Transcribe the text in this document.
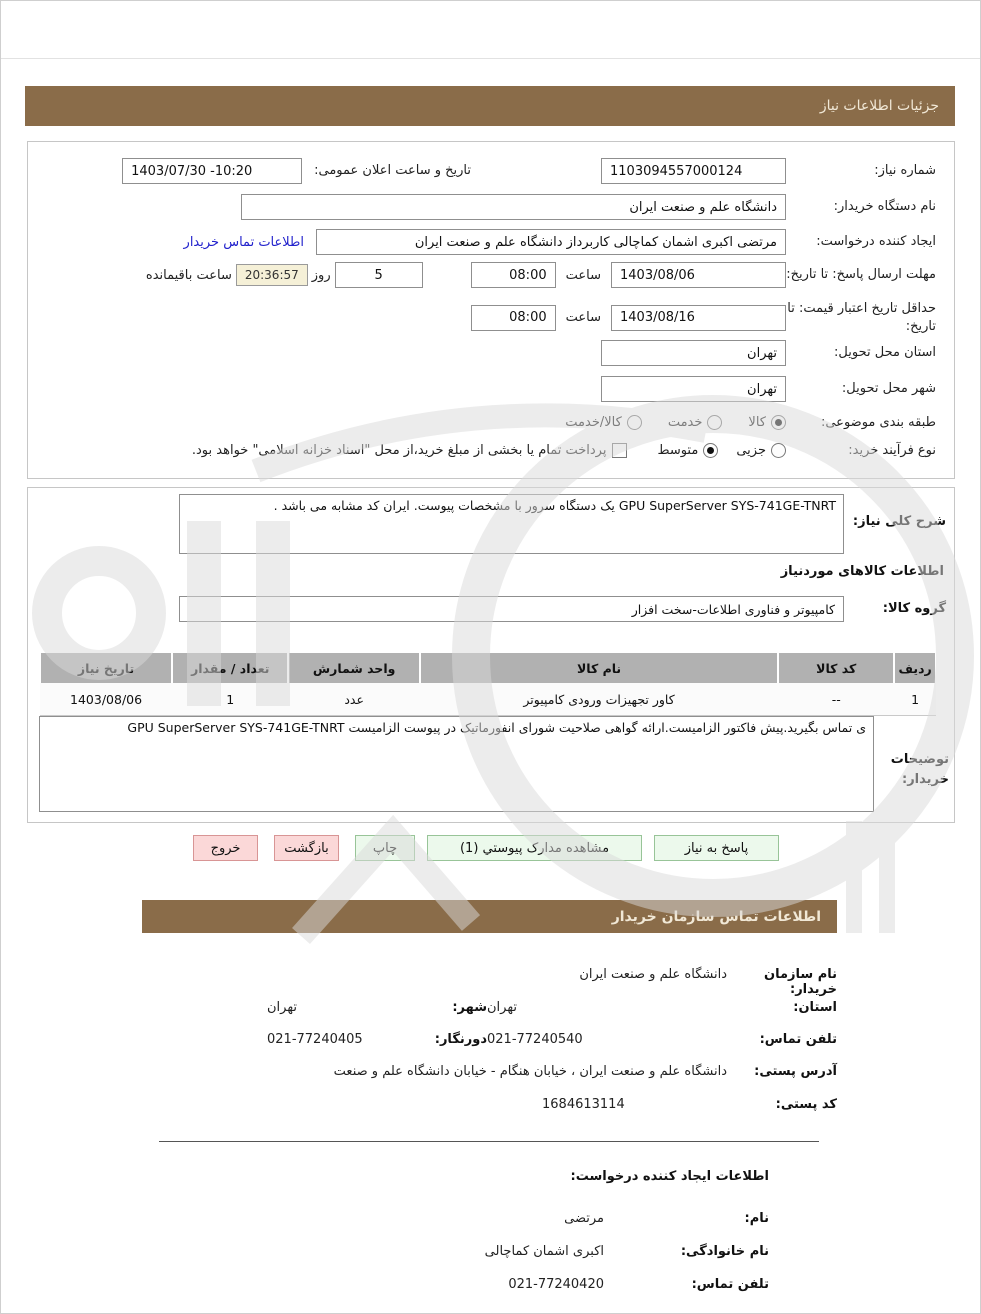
جزئیات اطلاعات نیاز
شماره نیاز:
1103094557000124
تاریخ و ساعت اعلان عمومی:
1403/07/30 -10:20
نام دستگاه خریدار:
دانشگاه علم و صنعت ایران
ایجاد کننده درخواست:
مرتضی اکبری اشمان کماچالی کاربرداز دانشگاه علم و صنعت ایران
اطلاعات تماس خریدار
مهلت ارسال پاسخ: تا تاریخ:
1403/08/06
ساعت
08:00
5
روز
20:36:57
ساعت باقیمانده
حداقل تاریخ اعتبار قیمت: تا تاریخ:
1403/08/16
ساعت
08:00
استان محل تحویل:
تهران
شهر محل تحویل:
تهران
طبقه بندی موضوعی:
کالا
خدمت
کالا/خدمت
نوع فرآیند خرید:
جزیی
متوسط
پرداخت تمام یا بخشی از مبلغ خرید،از محل "اسناد خزانه اسلامی" خواهد بود.
GPU SuperServer SYS-741GE-TNRT یک دستگاه سرور با مشخصات پیوست. ایران کد مشابه می باشد .
شرح کلی نیاز:
اطلاعات کالاهای موردنیاز
گروه کالا:
کامپیوتر و فناوری اطلاعات-سخت افزار
ردیف	کد کالا	نام کالا	واحد شمارش	تعداد / مقدار	تاریخ نیاز
1	--	کاور تجهیزات ورودی کامپیوتر	عدد	1	1403/08/06
ی تماس بگیرید.پیش فاکتور الزامیست.ارائه گواهی صلاحیت شورای انفورماتیک در پیوست الزامیست GPU SuperServer SYS-741GE-TNRT
توضیحات خریدار:
پاسخ به نیاز
مشاهده مدارک پیوستي (1)
چاپ
بازگشت
خروج
اطلاعات تماس سازمان خریدار
نام سازمان خریدار:
دانشگاه علم و صنعت ایران
استان:
تهران
شهر:
تهران
تلفن تماس:
021-77240540
دورنگار:
021-77240405
آدرس پستی:
دانشگاه علم و صنعت ایران ، خیابان هنگام - خیابان دانشگاه علم و صنعت
کد پستی:
1684613114
اطلاعات ایجاد کننده درخواست:
نام:
مرتضی
نام خانوادگی:
اکبری اشمان کماچالی
تلفن تماس:
021-77240420
